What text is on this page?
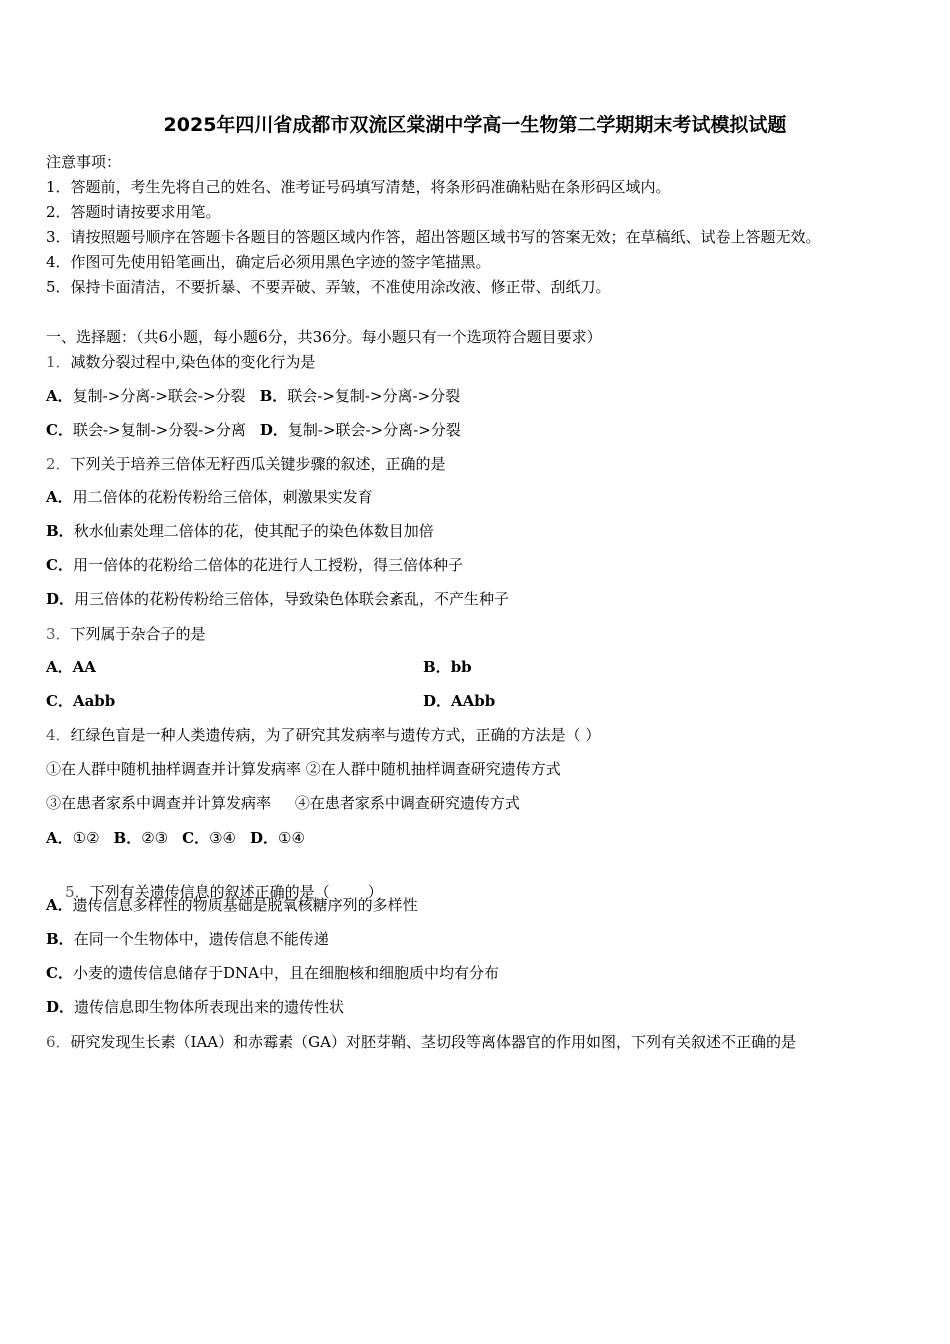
2025年四川省成都市双流区棠湖中学高一生物第二学期期末考试模拟试题
注意事项：
1．答题前，考生先将自己的姓名、准考证号码填写清楚，将条形码准确粘贴在条形码区域内。
2．答题时请按要求用笔。
3．请按照题号顺序在答题卡各题目的答题区域内作答，超出答题区域书写的答案无效；在草稿纸、试卷上答题无效。
4．作图可先使用铅笔画出，确定后必须用黑色字迹的签字笔描黑。
5．保持卡面清洁，不要折暴、不要弄破、弄皱，不准使用涂改液、修正带、刮纸刀。
一、选择题：（共6小题，每小题6分，共36分。每小题只有一个选项符合题目要求）
1．减数分裂过程中,染色体的变化行为是
A．复制->分离->联会->分裂 B．联会->复制->分离->分裂
C．联会->复制->分裂->分离 D．复制->联会->分离->分裂
2．下列关于培养三倍体无籽西瓜关键步骤的叙述，正确的是
A．用二倍体的花粉传粉给三倍体，刺激果实发育
B．秋水仙素处理二倍体的花，使其配子的染色体数目加倍
C．用一倍体的花粉给二倍体的花进行人工授粉，得三倍体种子
D．用三倍体的花粉传粉给三倍体，导致染色体联会紊乱，不产生种子
3．下列属于杂合子的是
A．AA	B．bb
C．Aabb	D．AAbb
4．红绿色盲是一种人类遗传病，为了研究其发病率与遗传方式，正确的方法是（ ）
①在人群中随机抽样调查并计算发病率 ②在人群中随机抽样调查研究遗传方式
③在患者家系中调查并计算发病率     ④在患者家系中调查研究遗传方式
A．①② B．②③ C．③④ D．①④

5．下列有关遗传信息的叙述正确的是（        ）

A．遗传信息多样性的物质基础是脱氧核糖序列的多样性
B．在同一个生物体中，遗传信息不能传递
C．小麦的遗传信息储存于DNA中，且在细胞核和细胞质中均有分布
D．遗传信息即生物体所表现出来的遗传性状
6．研究发现生长素（IAA）和赤霉素（GA）对胚芽鞘、茎切段等离体器官的作用如图，下列有关叙述不正确的是
